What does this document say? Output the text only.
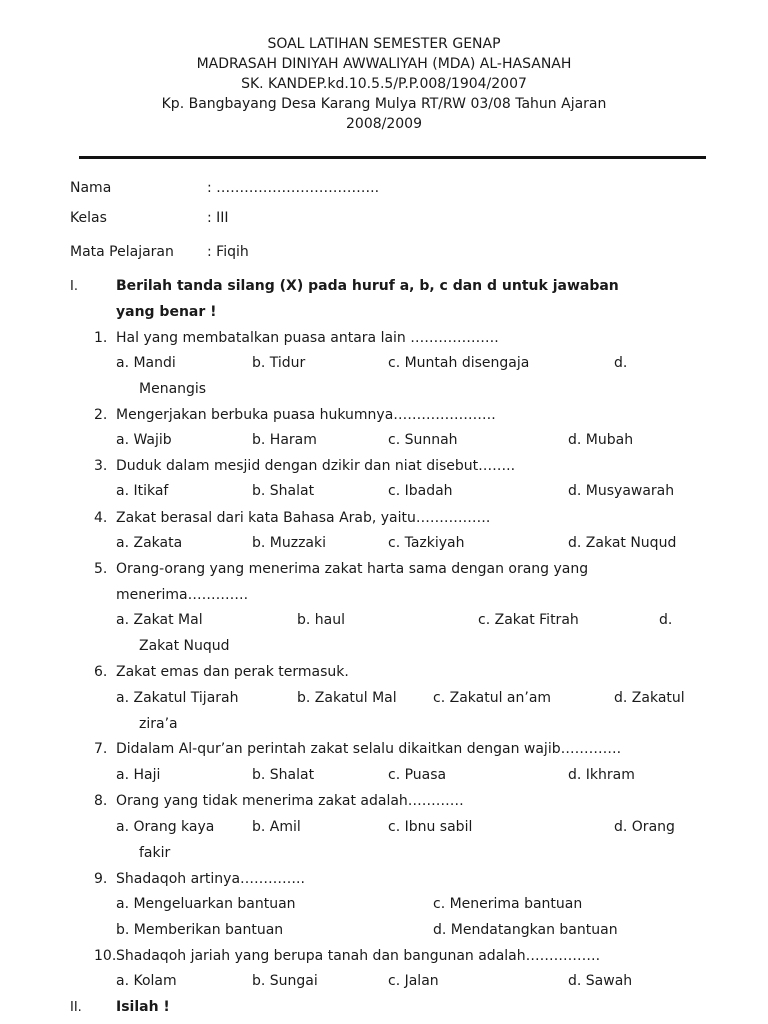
SOAL LATIHAN SEMESTER GENAP
MADRASAH DINIYAH AWWALIYAH (MDA) AL-HASANAH
SK. KANDEP.kd.10.5.5/P.P.008/1904/2007
Kp. Bangbayang Desa Karang Mulya RT/RW 03/08 Tahun Ajaran
2008/2009
Nama	: ……………………………..
Kelas	: III
Mata Pelajaran : Fiqih
I.	Berilah tanda silang (X) pada huruf a, b, c dan d untuk jawaban
yang benar !
1. Hal yang membatalkan puasa antara lain ……………….
a. Mandi	b. Tidur	c. Muntah disengaja	d.
Menangis
2. Mengerjakan berbuka puasa hukumnya………………….
a. Wajib	b. Haram	c. Sunnah	d. Mubah
3. Duduk dalam mesjid dengan dzikir dan niat disebut……..
a. Itikaf	b. Shalat	c. Ibadah	d. Musyawarah
4. Zakat berasal dari kata Bahasa Arab, yaitu…………….
a. Zakata	b. Muzzaki	c. Tazkiyah	d. Zakat Nuqud
5. Orang-orang yang menerima zakat harta sama dengan orang yang
menerima………….
a. Zakat Mal	b. haul	c. Zakat Fitrah	d.
Zakat Nuqud
6. Zakat emas dan perak termasuk.
a. Zakatul Tijarah	b. Zakatul Mal	c. Zakatul an’am	d. Zakatul
zira’a
7. Didalam Al-qur’an perintah zakat selalu dikaitkan dengan wajib………….
a. Haji	b. Shalat	c. Puasa	d. Ikhram
8. Orang yang tidak menerima zakat adalah…………
a. Orang kaya	b. Amil	c. Ibnu sabil	d. Orang
fakir
9. Shadaqoh artinya…………..
a. Mengeluarkan bantuan	c. Menerima bantuan
b. Memberikan bantuan	d. Mendatangkan bantuan
10. Shadaqoh jariah yang berupa tanah dan bangunan adalah…………….
a. Kolam	b. Sungai	c. Jalan	d. Sawah
II. Isilah !
